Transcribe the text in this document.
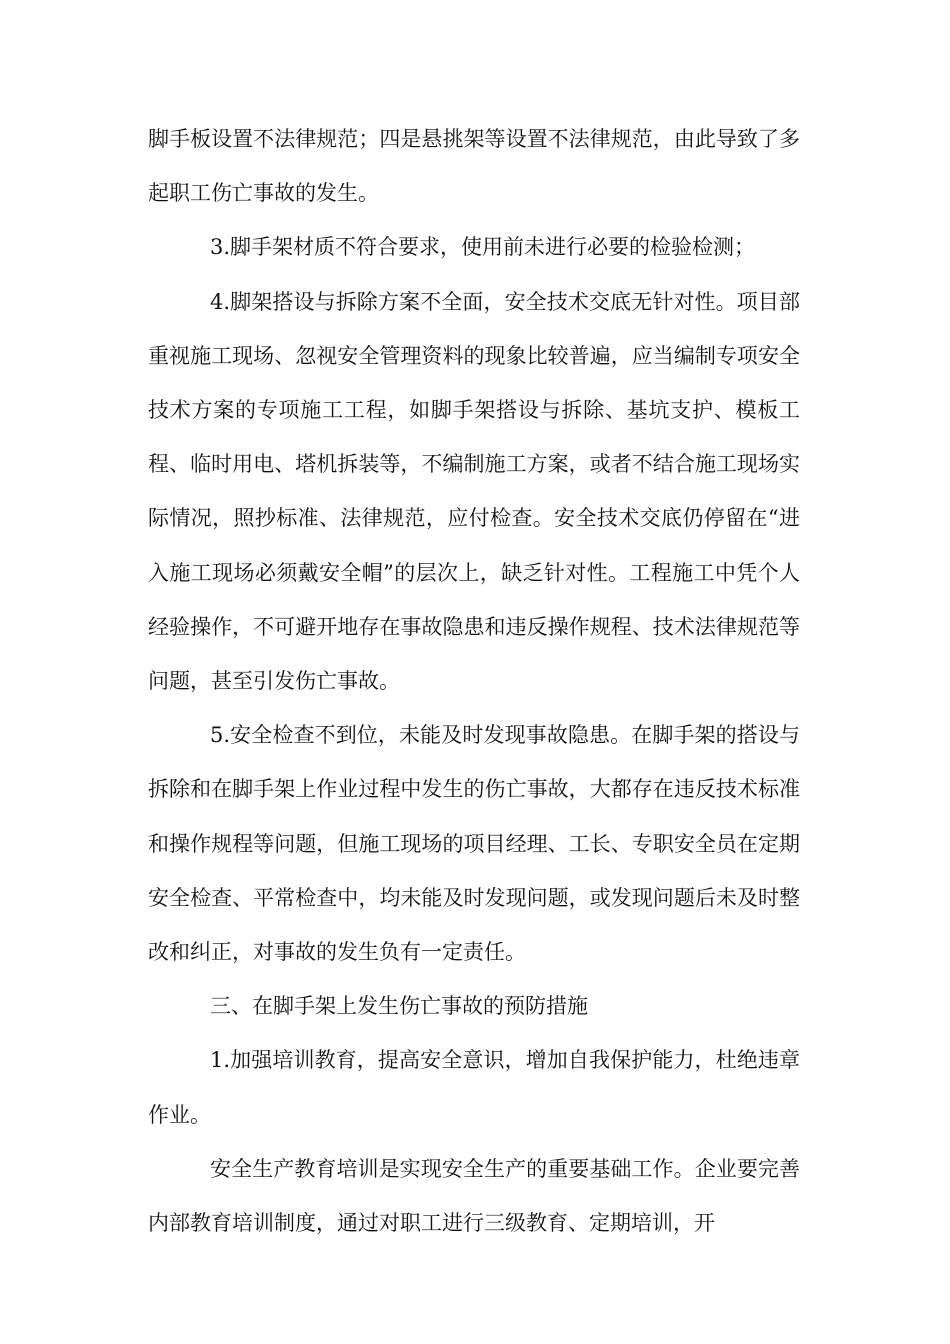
脚手板设置不法律规范；四是悬挑架等设置不法律规范，由此导致了多起职工伤亡事故的发生。

3.脚手架材质不符合要求，使用前未进行必要的检验检测；

4.脚架搭设与拆除方案不全面，安全技术交底无针对性。项目部重视施工现场、忽视安全管理资料的现象比较普遍，应当编制专项安全技术方案的专项施工工程，如脚手架搭设与拆除、基坑支护、模板工程、临时用电、塔机拆装等，不编制施工方案，或者不结合施工现场实际情况，照抄标准、法律规范，应付检查。安全技术交底仍停留在“进入施工现场必须戴安全帽”的层次上，缺乏针对性。工程施工中凭个人经验操作，不可避开地存在事故隐患和违反操作规程、技术法律规范等问题，甚至引发伤亡事故。

5.安全检查不到位，未能及时发现事故隐患。在脚手架的搭设与拆除和在脚手架上作业过程中发生的伤亡事故，大都存在违反技术标准和操作规程等问题，但施工现场的项目经理、工长、专职安全员在定期安全检查、平常检查中，均未能及时发现问题，或发现问题后未及时整改和纠正，对事故的发生负有一定责任。

三、在脚手架上发生伤亡事故的预防措施

1.加强培训教育，提高安全意识，增加自我保护能力，杜绝违章作业。

安全生产教育培训是实现安全生产的重要基础工作。企业要完善内部教育培训制度，通过对职工进行三级教育、定期培训，开
